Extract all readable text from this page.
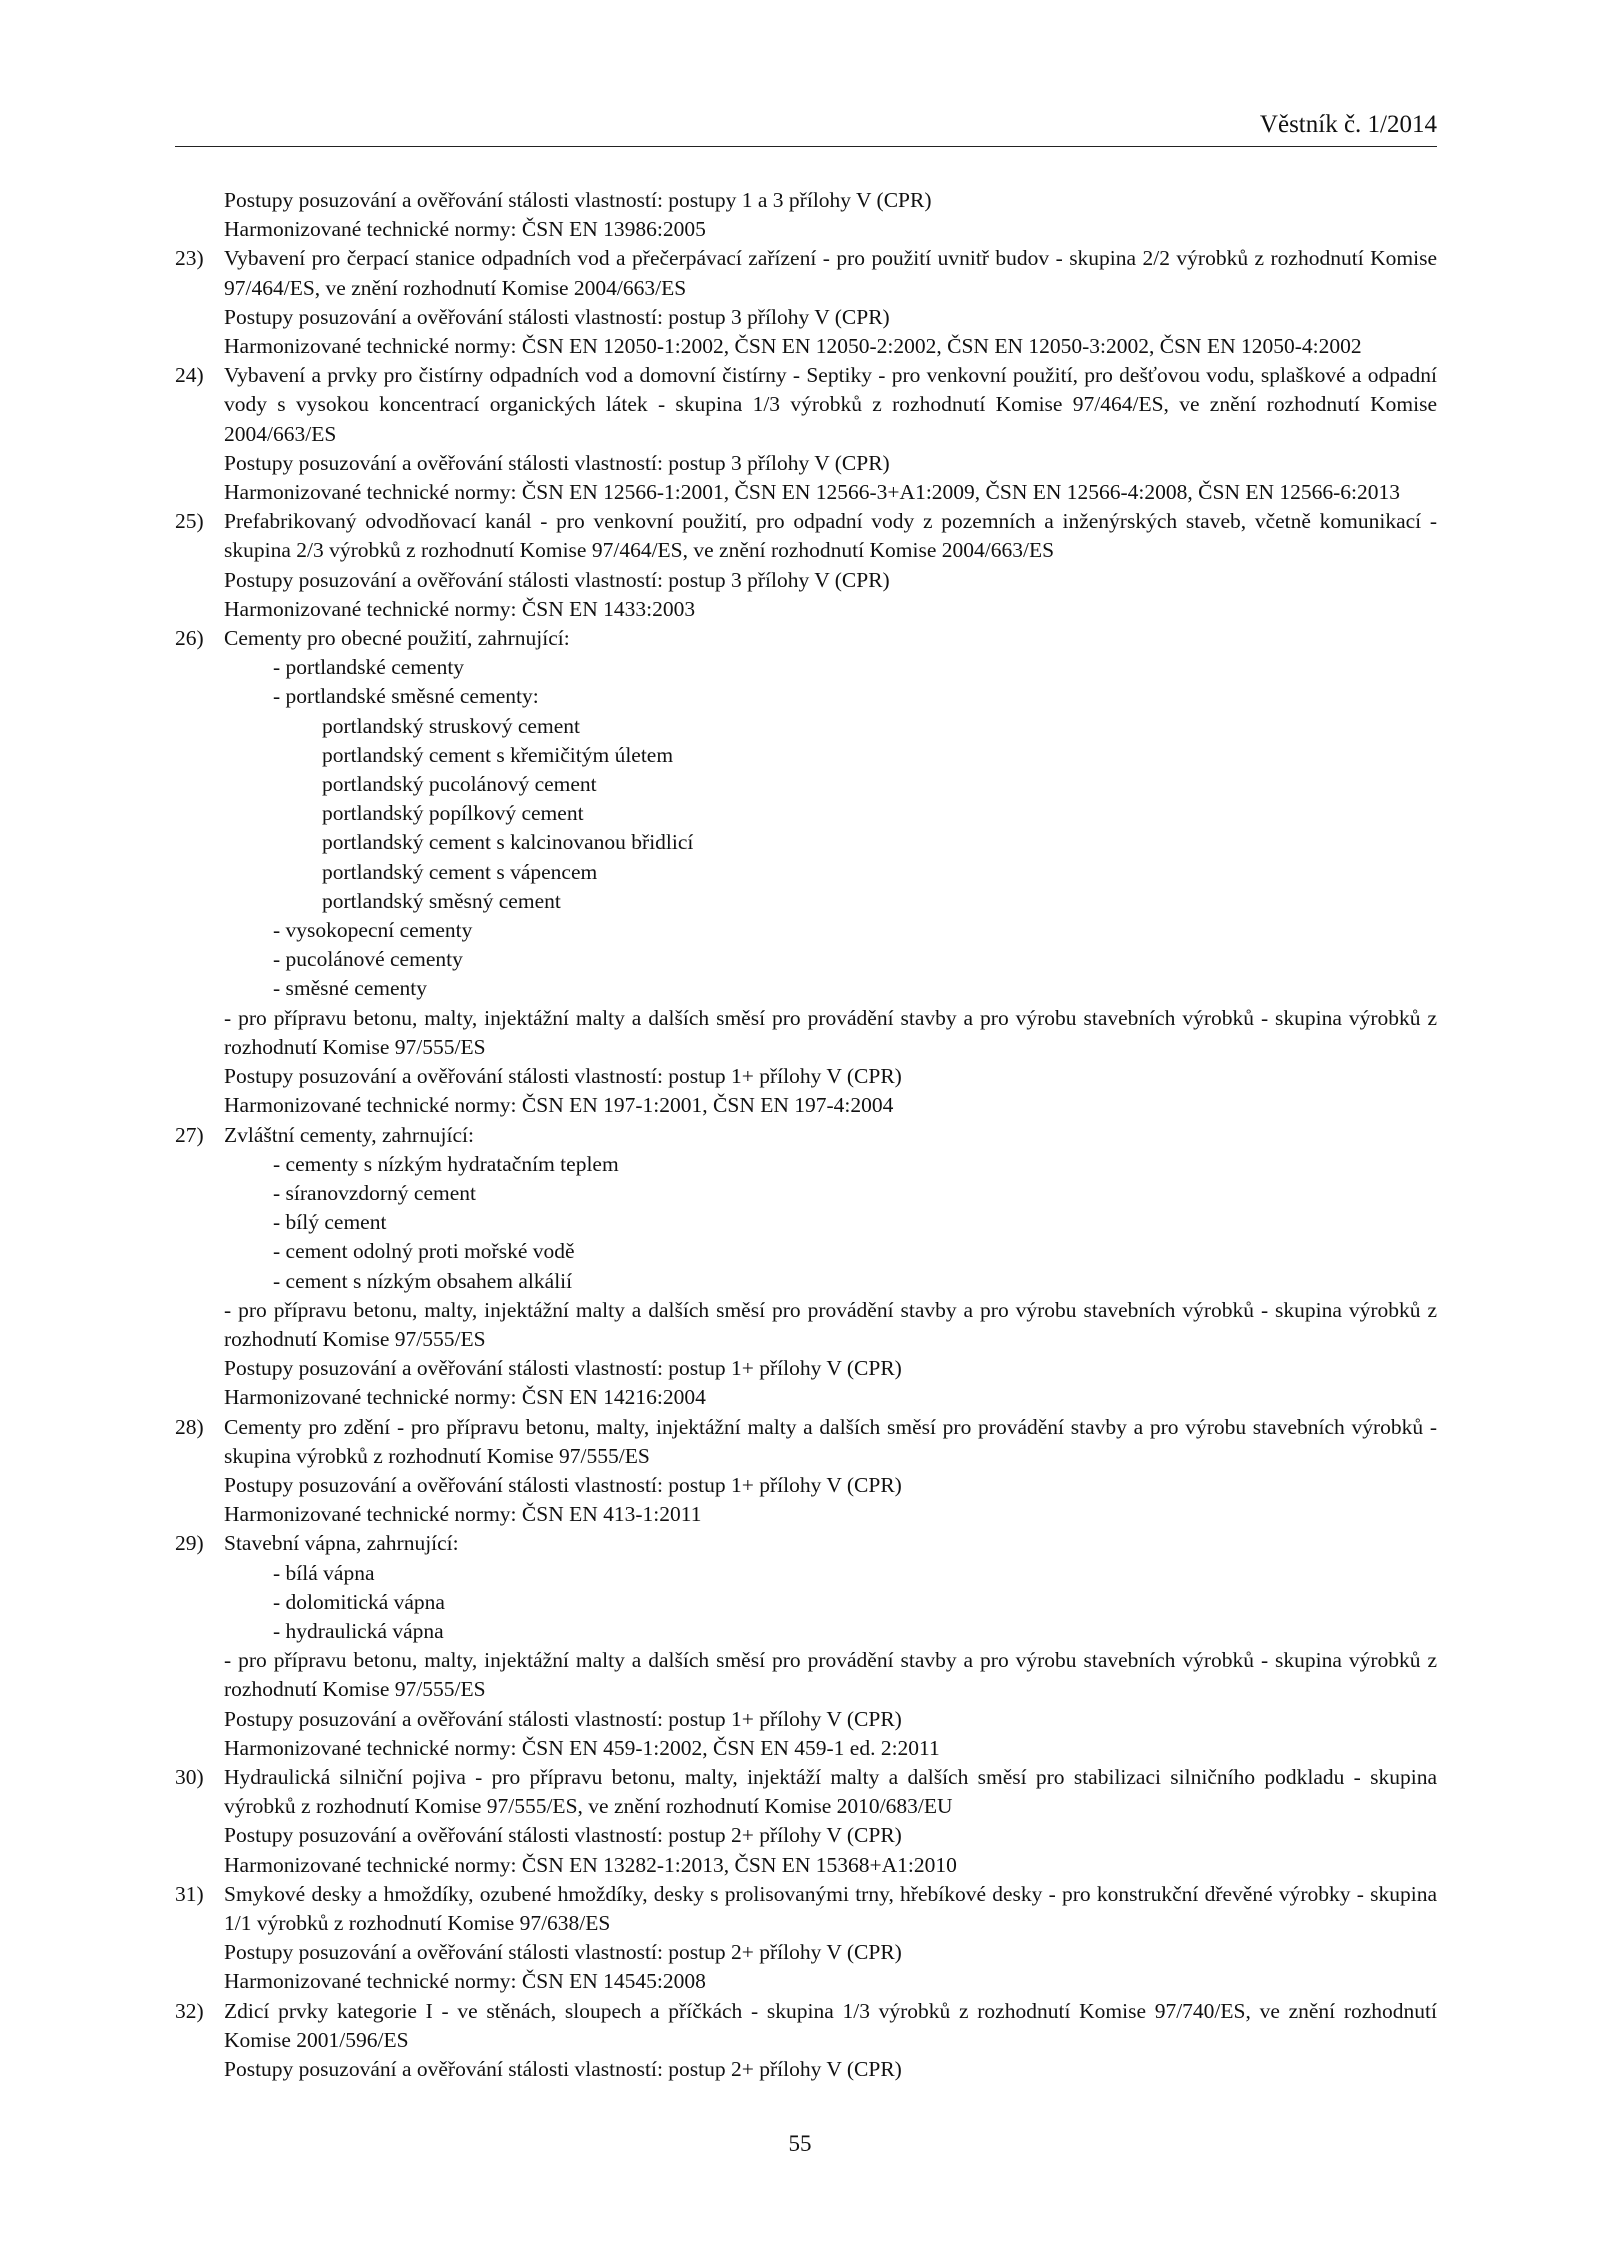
Věstník č. 1/2014
Postupy posuzování a ověřování stálosti vlastností: postupy 1 a 3 přílohy V (CPR)
Harmonizované technické normy: ČSN EN 13986:2005
23) Vybavení pro čerpací stanice odpadních vod a přečerpávací zařízení - pro použití uvnitř budov - skupina 2/2 výrobků z rozhodnutí Komise 97/464/ES, ve znění rozhodnutí Komise 2004/663/ES
Postupy posuzování a ověřování stálosti vlastností: postup 3 přílohy V (CPR)
Harmonizované technické normy: ČSN EN 12050-1:2002, ČSN EN 12050-2:2002, ČSN EN 12050-3:2002, ČSN EN 12050-4:2002
24) Vybavení a prvky pro čistírny odpadních vod a domovní čistírny - Septiky - pro venkovní použití, pro dešťovou vodu, splaškové a odpadní vody s vysokou koncentrací organických látek - skupina 1/3 výrobků z rozhodnutí Komise 97/464/ES, ve znění rozhodnutí Komise 2004/663/ES
Postupy posuzování a ověřování stálosti vlastností: postup 3 přílohy V (CPR)
Harmonizované technické normy: ČSN EN 12566-1:2001, ČSN EN 12566-3+A1:2009, ČSN EN 12566-4:2008, ČSN EN 12566-6:2013
25) Prefabrikovaný odvodňovací kanál - pro venkovní použití, pro odpadní vody z pozemních a inženýrských staveb, včetně komunikací - skupina 2/3 výrobků z rozhodnutí Komise 97/464/ES, ve znění rozhodnutí Komise 2004/663/ES
Postupy posuzování a ověřování stálosti vlastností: postup 3 přílohy V (CPR)
Harmonizované technické normy: ČSN EN 1433:2003
26) Cementy pro obecné použití, zahrnující:
- portlandské cementy
- portlandské směsné cementy:
portlandský struskový cement
portlandský cement s křemičitým úletem
portlandský pucolánový cement
portlandský popílkový cement
portlandský cement s kalcinovanou břidlicí
portlandský cement s vápencem
portlandský směsný cement
- vysokopecní cementy
- pucolánové cementy
- směsné cementy
- pro přípravu betonu, malty, injektážní malty a dalších směsí pro provádění stavby a pro výrobu stavebních výrobků - skupina výrobků z rozhodnutí Komise 97/555/ES
Postupy posuzování a ověřování stálosti vlastností: postup 1+ přílohy V (CPR)
Harmonizované technické normy: ČSN EN 197-1:2001, ČSN EN 197-4:2004
27) Zvláštní cementy, zahrnující:
- cementy s nízkým hydratačním teplem
- síranovzdorný cement
- bílý cement
- cement odolný proti mořské vodě
- cement s nízkým obsahem alkálií
- pro přípravu betonu, malty, injektážní malty a dalších směsí pro provádění stavby a pro výrobu stavebních výrobků - skupina výrobků z rozhodnutí Komise 97/555/ES
Postupy posuzování a ověřování stálosti vlastností: postup 1+ přílohy V (CPR)
Harmonizované technické normy: ČSN EN 14216:2004
28) Cementy pro zdění - pro přípravu betonu, malty, injektážní malty a dalších směsí pro provádění stavby a pro výrobu stavebních výrobků - skupina výrobků z rozhodnutí Komise 97/555/ES
Postupy posuzování a ověřování stálosti vlastností: postup 1+ přílohy V (CPR)
Harmonizované technické normy: ČSN EN 413-1:2011
29) Stavební vápna, zahrnující:
- bílá vápna
- dolomitická vápna
- hydraulická vápna
- pro přípravu betonu, malty, injektážní malty a dalších směsí pro provádění stavby a pro výrobu stavebních výrobků - skupina výrobků z rozhodnutí Komise 97/555/ES
Postupy posuzování a ověřování stálosti vlastností: postup 1+ přílohy V (CPR)
Harmonizované technické normy: ČSN EN 459-1:2002, ČSN EN 459-1 ed. 2:2011
30) Hydraulická silniční pojiva - pro přípravu betonu, malty, injektáží malty a dalších směsí pro stabilizaci silničního podkladu - skupina výrobků z rozhodnutí Komise 97/555/ES, ve znění rozhodnutí Komise 2010/683/EU
Postupy posuzování a ověřování stálosti vlastností: postup 2+ přílohy V (CPR)
Harmonizované technické normy: ČSN EN 13282-1:2013, ČSN EN 15368+A1:2010
31) Smykové desky a hmoždíky, ozubené hmoždíky, desky s prolisovanými trny, hřebíkové desky - pro konstrukční dřevěné výrobky - skupina 1/1 výrobků z rozhodnutí Komise 97/638/ES
Postupy posuzování a ověřování stálosti vlastností: postup 2+ přílohy V (CPR)
Harmonizované technické normy: ČSN EN 14545:2008
32) Zdicí prvky kategorie I - ve stěnách, sloupech a příčkách - skupina 1/3 výrobků z rozhodnutí Komise 97/740/ES, ve znění rozhodnutí Komise 2001/596/ES
Postupy posuzování a ověřování stálosti vlastností: postup 2+ přílohy V (CPR)
55
